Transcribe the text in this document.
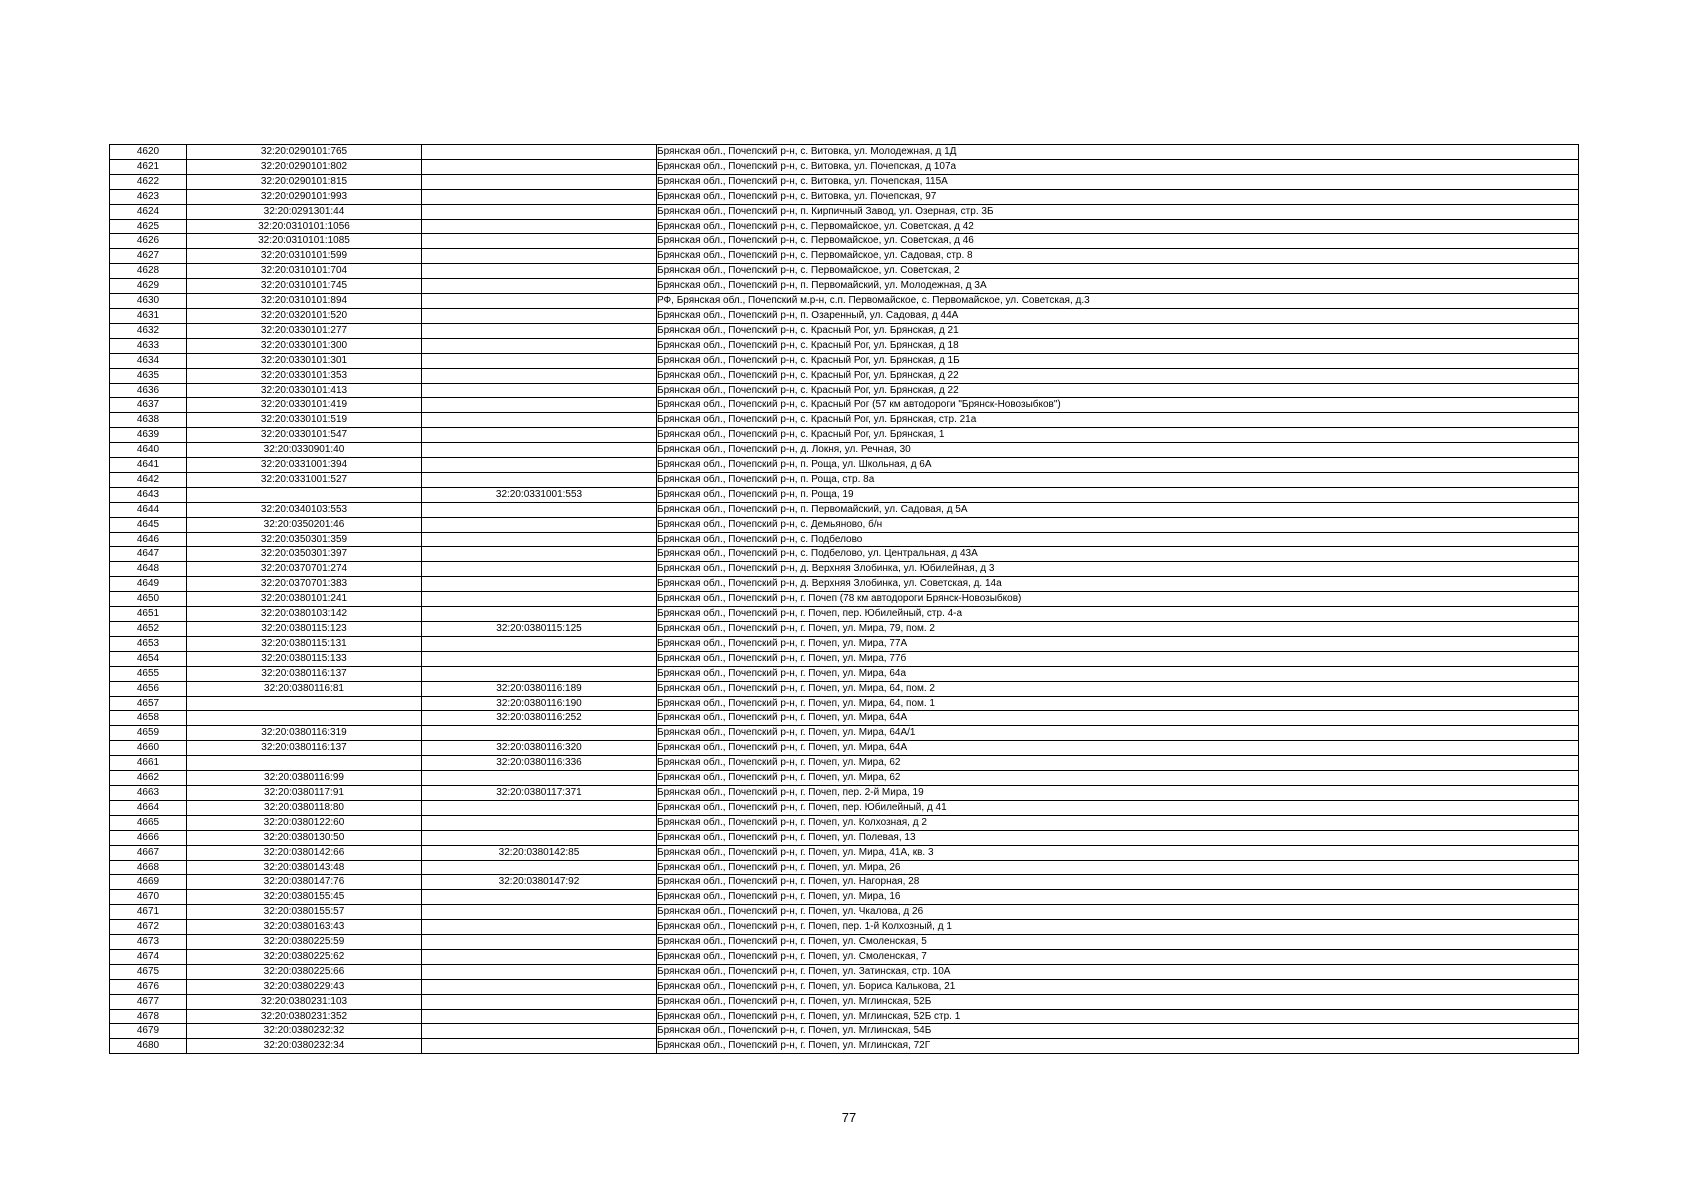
4620	32:20:0290101:765		Брянская обл., Почепский р-н, с. Витовка, ул. Молодежная, д 1Д
4621	32:20:0290101:802		Брянская обл., Почепский р-н, с. Витовка, ул. Почепская, д 107а
4622	32:20:0290101:815		Брянская обл., Почепский р-н, с. Витовка, ул. Почепская, 115А
4623	32:20:0290101:993		Брянская обл., Почепский р-н, с. Витовка, ул. Почепская, 97
4624	32:20:0291301:44		Брянская обл., Почепский р-н, п. Кирпичный Завод, ул. Озерная, стр. 3Б
4625	32:20:0310101:1056		Брянская обл., Почепский р-н, с. Первомайское, ул. Советская, д 42
4626	32:20:0310101:1085		Брянская обл., Почепский р-н, с. Первомайское, ул. Советская, д 46
4627	32:20:0310101:599		Брянская обл., Почепский р-н, с. Первомайское, ул. Садовая, стр. 8
4628	32:20:0310101:704		Брянская обл., Почепский р-н, с. Первомайское, ул. Советская, 2
4629	32:20:0310101:745		Брянская обл., Почепский р-н, п. Первомайский, ул. Молодежная, д 3А
4630	32:20:0310101:894		РФ, Брянская обл., Почепский м.р-н, с.п. Первомайское, с. Первомайское, ул. Советская, д.3
4631	32:20:0320101:520		Брянская обл., Почепский р-н, п. Озаренный, ул. Садовая, д 44А
4632	32:20:0330101:277		Брянская обл., Почепский р-н, с. Красный Рог, ул. Брянская, д 21
4633	32:20:0330101:300		Брянская обл., Почепский р-н, с. Красный Рог, ул. Брянская, д 18
4634	32:20:0330101:301		Брянская обл., Почепский р-н, с. Красный Рог, ул. Брянская, д 1Б
4635	32:20:0330101:353		Брянская обл., Почепский р-н, с. Красный Рог, ул. Брянская, д 22
4636	32:20:0330101:413		Брянская обл., Почепский р-н, с. Красный Рог, ул. Брянская, д 22
4637	32:20:0330101:419		Брянская обл., Почепский р-н, с. Красный Рог (57 км автодороги "Брянск-Новозыбков")
4638	32:20:0330101:519		Брянская обл., Почепский р-н, с. Красный Рог, ул. Брянская, стр. 21а
4639	32:20:0330101:547		Брянская обл., Почепский р-н, с. Красный Рог, ул. Брянская, 1
4640	32:20:0330901:40		Брянская обл., Почепский р-н, д. Локня, ул. Речная, 30
4641	32:20:0331001:394		Брянская обл., Почепский р-н, п. Роща, ул. Школьная, д 6А
4642	32:20:0331001:527		Брянская обл., Почепский р-н, п. Роща, стр. 8а
4643		32:20:0331001:553	Брянская обл., Почепский р-н, п. Роща, 19
4644	32:20:0340103:553		Брянская обл., Почепский р-н, п. Первомайский, ул. Садовая, д 5А
4645	32:20:0350201:46		Брянская обл., Почепский р-н, с. Демьяново, б/н
4646	32:20:0350301:359		Брянская обл., Почепский р-н, с. Подбелово
4647	32:20:0350301:397		Брянская обл., Почепский р-н, с. Подбелово, ул. Центральная, д 43А
4648	32:20:0370701:274		Брянская обл., Почепский р-н, д. Верхняя Злобинка, ул. Юбилейная, д 3
4649	32:20:0370701:383		Брянская обл., Почепский р-н, д. Верхняя Злобинка, ул. Советская, д. 14а
4650	32:20:0380101:241		Брянская обл., Почепский р-н, г. Почеп (78 км автодороги Брянск-Новозыбков)
4651	32:20:0380103:142		Брянская обл., Почепский р-н, г. Почеп, пер. Юбилейный, стр. 4-а
4652	32:20:0380115:123	32:20:0380115:125	Брянская обл., Почепский р-н, г. Почеп, ул. Мира, 79, пом. 2
4653	32:20:0380115:131		Брянская обл., Почепский р-н, г. Почеп, ул. Мира, 77А
4654	32:20:0380115:133		Брянская обл., Почепский р-н, г. Почеп, ул. Мира, 77б
4655	32:20:0380116:137		Брянская обл., Почепский р-н, г. Почеп, ул. Мира, 64а
4656	32:20:0380116:81	32:20:0380116:189	Брянская обл., Почепский р-н, г. Почеп, ул. Мира, 64, пом. 2
4657		32:20:0380116:190	Брянская обл., Почепский р-н, г. Почеп, ул. Мира, 64, пом. 1
4658		32:20:0380116:252	Брянская обл., Почепский р-н, г. Почеп, ул. Мира, 64А
4659	32:20:0380116:319		Брянская обл., Почепский р-н, г. Почеп, ул. Мира, 64А/1
4660	32:20:0380116:137	32:20:0380116:320	Брянская обл., Почепский р-н, г. Почеп, ул. Мира, 64А
4661		32:20:0380116:336	Брянская обл., Почепский р-н, г. Почеп, ул. Мира, 62
4662	32:20:0380116:99		Брянская обл., Почепский р-н, г. Почеп, ул. Мира, 62
4663	32:20:0380117:91	32:20:0380117:371	Брянская обл., Почепский р-н, г. Почеп, пер. 2-й Мира, 19
4664	32:20:0380118:80		Брянская обл., Почепский р-н, г. Почеп, пер. Юбилейный, д 41
4665	32:20:0380122:60		Брянская обл., Почепский р-н, г. Почеп, ул. Колхозная, д 2
4666	32:20:0380130:50		Брянская обл., Почепский р-н, г. Почеп, ул. Полевая, 13
4667	32:20:0380142:66	32:20:0380142:85	Брянская обл., Почепский р-н, г. Почеп, ул. Мира, 41А, кв. 3
4668	32:20:0380143:48		Брянская обл., Почепский р-н, г. Почеп, ул. Мира, 26
4669	32:20:0380147:76	32:20:0380147:92	Брянская обл., Почепский р-н, г. Почеп, ул. Нагорная, 28
4670	32:20:0380155:45		Брянская обл., Почепский р-н, г. Почеп, ул. Мира, 16
4671	32:20:0380155:57		Брянская обл., Почепский р-н, г. Почеп, ул. Чкалова, д 26
4672	32:20:0380163:43		Брянская обл., Почепский р-н, г. Почеп, пер. 1-й Колхозный, д 1
4673	32:20:0380225:59		Брянская обл., Почепский р-н, г. Почеп, ул. Смоленская, 5
4674	32:20:0380225:62		Брянская обл., Почепский р-н, г. Почеп, ул. Смоленская, 7
4675	32:20:0380225:66		Брянская обл., Почепский р-н, г. Почеп, ул. Затинская, стр. 10А
4676	32:20:0380229:43		Брянская обл., Почепский р-н, г. Почеп, ул. Бориса Калькова, 21
4677	32:20:0380231:103		Брянская обл., Почепский р-н, г. Почеп, ул. Мглинская, 52Б
4678	32:20:0380231:352		Брянская обл., Почепский р-н, г. Почеп, ул. Мглинская, 52Б стр. 1
4679	32:20:0380232:32		Брянская обл., Почепский р-н, г. Почеп, ул. Мглинская, 54Б
4680	32:20:0380232:34		Брянская обл., Почепский р-н, г. Почеп, ул. Мглинская, 72Г
77
